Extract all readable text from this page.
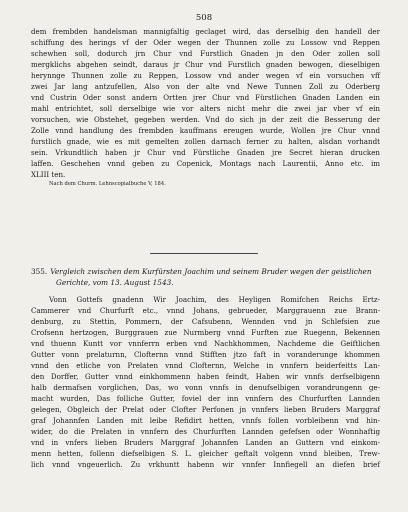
508
dem frembden handelsman mannigfaltig geclaget wird, das derselbig den handell der
schiffung des herings vf der Oder wegen der Thunnen zolle zu Lossow vnd Reppen
schewhen soll, dodurch jrn Chur vnd Furstlich Gnaden jn den Oder zollen soll
mergklichs abgehen seindt, daraus jr Chur vnd Furstlich gnaden bewogen, dieselbigen
herynnge Thunnen zolle zu Reppen, Lossow vnd ander wegen vf ein vorsuchen vff
zwei Jar lang antzufellen, Also von der alte vnd Newe Tunnen Zoll zu Oderberg
vnd Custrin Oder sonst andern Ortten jrer Chur vnd Fürstlichen Gnaden Landen ein
mahl entrichtet, soll derselbige wie vor alters nicht mehr die zwei jar vber vf ein
vorsuchen, wie Obstehet, gegeben werden. Vnd do sich jn der zeit die Besserung der
Zolle vnnd handlung des frembden kauffmans ereugen wurde, Wollen jre Chur vnnd
furstlich gnade, wie es mit gemelten zollen darnach ferner zu halten, alsdan vorhandt
sein. Vrkundtlich haben jr Chur vnd Fürstliche Gnaden jre Secret hieran drucken
laffen. Geschehen vnnd geben zu Copenick, Montags nach Laurentii, Anno etc. im
XLIII ten.
Nach dem Churm. Lehnscopialbuche V, 184.
355. Vergleich zwischen dem Kurfürsten Joachim und seinem Bruder wegen der geistlichen
Gerichte, vom 13. August 1543.
Vonn Gottefs gnadenn Wir Joachim, des Heyligen Romifchen Reichs Ertz-
Cammerer vnd Churfurft etc., vnnd Johans, gebrueder, Marggrauenn zue Brann-
denburg, zu Stettin, Pommern, der Cafsubenn, Wennden vnd jn Schlefsien zue
Crofsenn hertzogen, Burggrauen zue Nurmberg vnnd Furften zue Ruegenn, Bekennen
vnd thuenn Kuntt vor vnnferrn erben vnd Nachkhommen, Nachdeme die Geiftlichen
Gutter vonn prelaturnn, Clofternn vnnd Stifften jtzo faft in voranderunge khommen
vnnd den etliche von Prelaten vnnd Clofternn, Welche in vnnfern beiderfeitts Lan-
den Dorffer, Gutter vnnd einkhommenn haben feindt, Haben wir vnnfs derfselbigenn
halb dermafsen vorglichen, Das, wo vonn vnnfs in denufselbigen vorandrungenn ge-
macht wurden, Das folliche Gutter, foviel der inn vnnfern des Churfurften Lannden
gelegen, Obgleich der Prelat oder Clofter Perfonen jn vnnfers lieben Bruders Marggraf
graf Johannfen Landen mit leibe Refidirt hetten, vnnfs follen vorbleibenn vnd hin-
wider, do die Prelaten in vnnfern des Churfurften Lannden gefefsen oder Wonnhaftig
vnd in vnfers lieben Bruders Marggraf Johannfen Landen an Guttern vnd einkom-
menn hetten, follenn diefselbigen S. L. gleicher geftalt volgenn vnnd bleiben, Trew-
lich vnnd vngeuerlich. Zu vrkhuntt habenn wir vnnfer Innfiegell an diefen brief
